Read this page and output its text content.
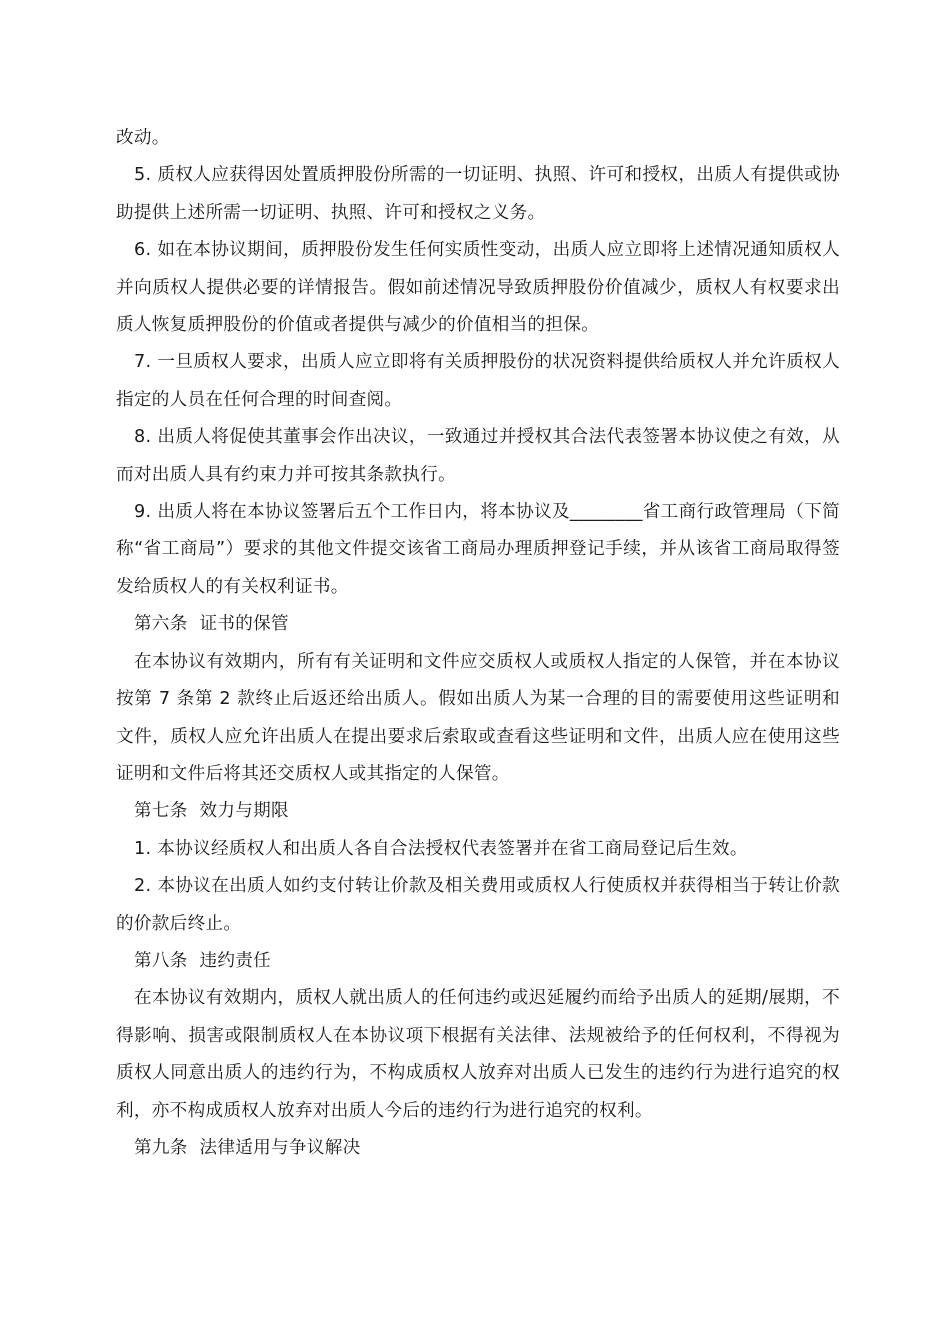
改动。

5. 质权人应获得因处置质押股份所需的一切证明、执照、许可和授权，出质人有提供或协助提供上述所需一切证明、执照、许可和授权之义务。

6. 如在本协议期间，质押股份发生任何实质性变动，出质人应立即将上述情况通知质权人并向质权人提供必要的详情报告。假如前述情况导致质押股份价值减少，质权人有权要求出质人恢复质押股份的价值或者提供与减少的价值相当的担保。

7. 一旦质权人要求，出质人应立即将有关质押股份的状况资料提供给质权人并允许质权人指定的人员在任何合理的时间查阅。

8. 出质人将促使其董事会作出决议，一致通过并授权其合法代表签署本协议使之有效，从而对出质人具有约束力并可按其条款执行。

9. 出质人将在本协议签署后五个工作日内，将本协议及________省工商行政管理局（下简称“省工商局”）要求的其他文件提交该省工商局办理质押登记手续，并从该省工商局取得签发给质权人的有关权利证书。

第六条  证书的保管

在本协议有效期内，所有有关证明和文件应交质权人或质权人指定的人保管，并在本协议按第 7 条第 2 款终止后返还给出质人。假如出质人为某一合理的目的需要使用这些证明和文件，质权人应允许出质人在提出要求后索取或查看这些证明和文件，出质人应在使用这些证明和文件后将其还交质权人或其指定的人保管。

第七条  效力与期限

1. 本协议经质权人和出质人各自合法授权代表签署并在省工商局登记后生效。

2. 本协议在出质人如约支付转让价款及相关费用或质权人行使质权并获得相当于转让价款的价款后终止。

第八条  违约责任

在本协议有效期内，质权人就出质人的任何违约或迟延履约而给予出质人的延期/展期，不得影响、损害或限制质权人在本协议项下根据有关法律、法规被给予的任何权利，不得视为质权人同意出质人的违约行为，不构成质权人放弃对出质人已发生的违约行为进行追究的权利，亦不构成质权人放弃对出质人今后的违约行为进行追究的权利。

第九条  法律适用与争议解决
